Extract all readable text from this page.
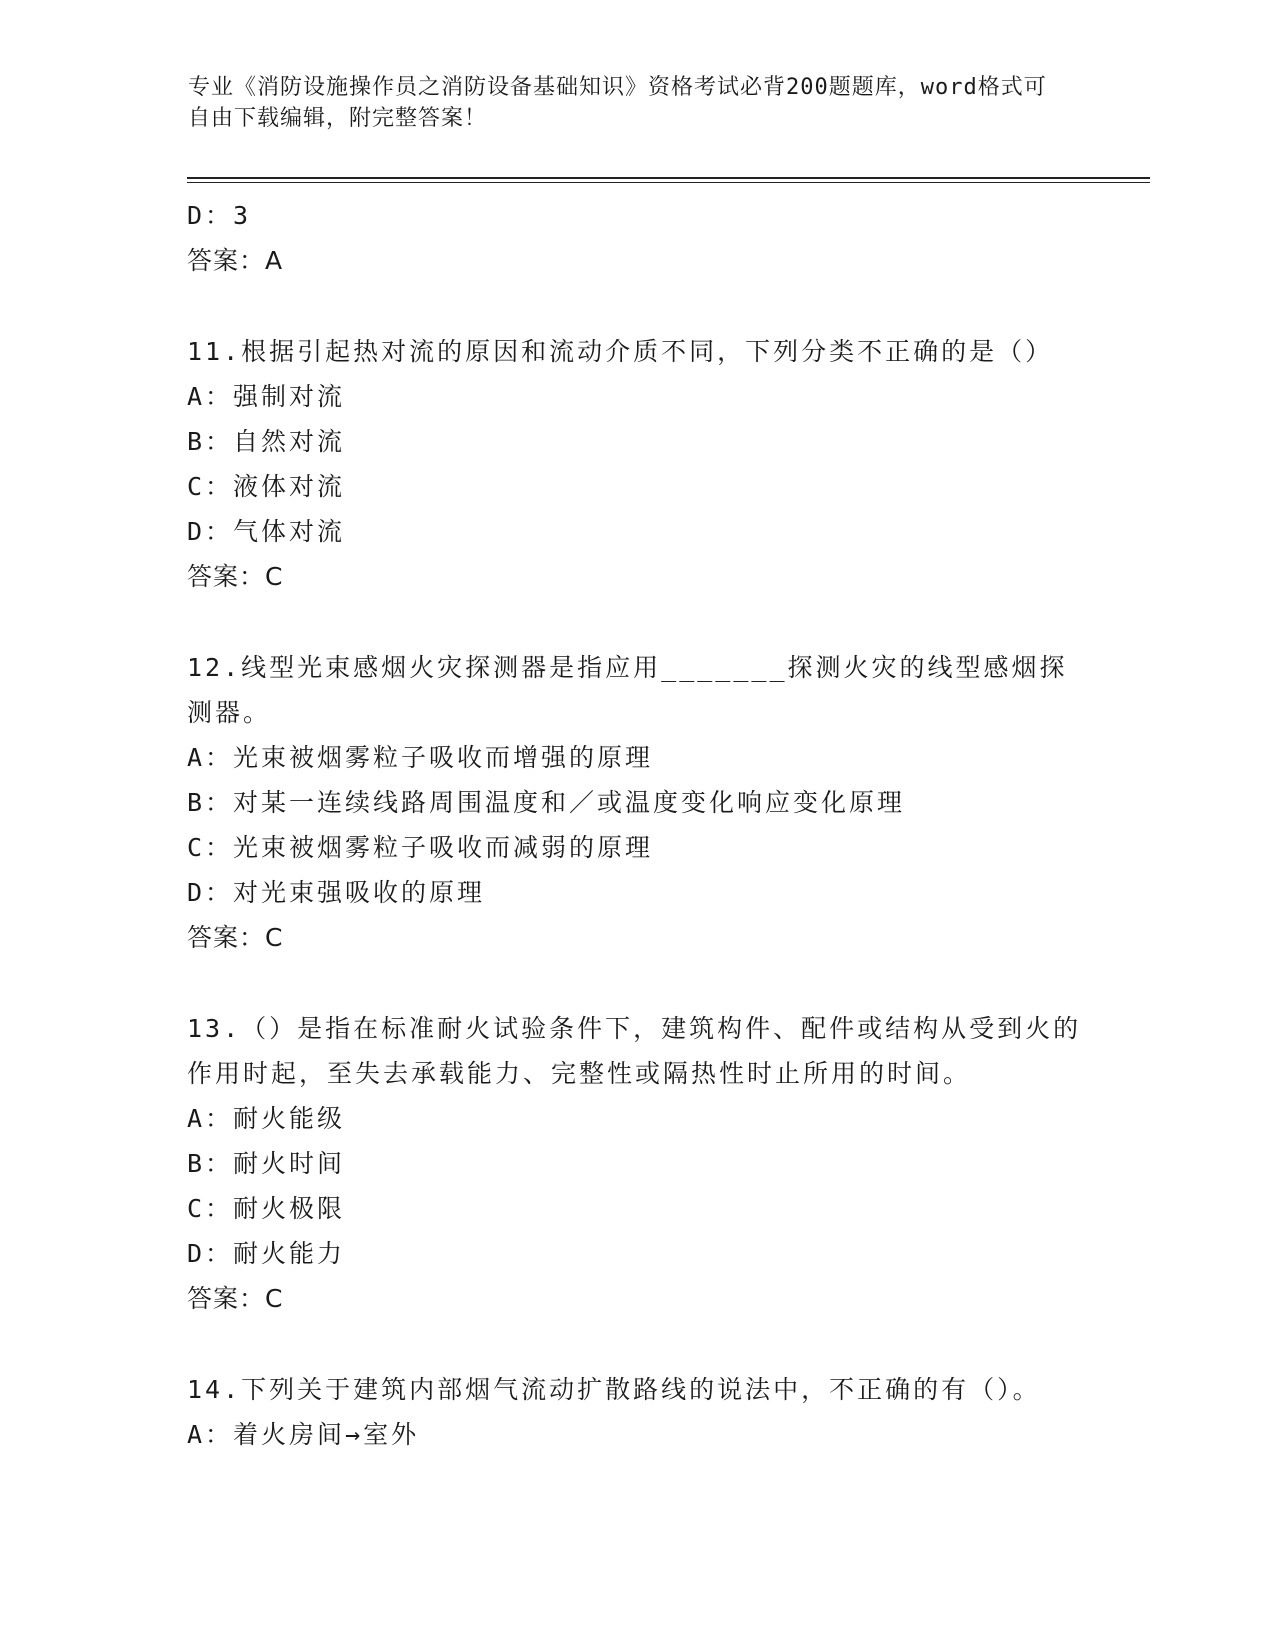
专业《消防设施操作员之消防设备基础知识》资格考试必背200题题库，word格式可自由下载编辑，附完整答案！
D：3
答案：A
11.根据引起热对流的原因和流动介质不同，下列分类不正确的是（）
A：强制对流
B：自然对流
C：液体对流
D：气体对流
答案：C
12.线型光束感烟火灾探测器是指应用_______探测火灾的线型感烟探测器。
A：光束被烟雾粒子吸收而增强的原理
B：对某一连续线路周围温度和／或温度变化响应变化原理
C：光束被烟雾粒子吸收而减弱的原理
D：对光束强吸收的原理
答案：C
13.（）是指在标准耐火试验条件下，建筑构件、配件或结构从受到火的作用时起，至失去承载能力、完整性或隔热性时止所用的时间。
A：耐火能级
B：耐火时间
C：耐火极限
D：耐火能力
答案：C
14.下列关于建筑内部烟气流动扩散路线的说法中，不正确的有（）。
A：着火房间→室外
